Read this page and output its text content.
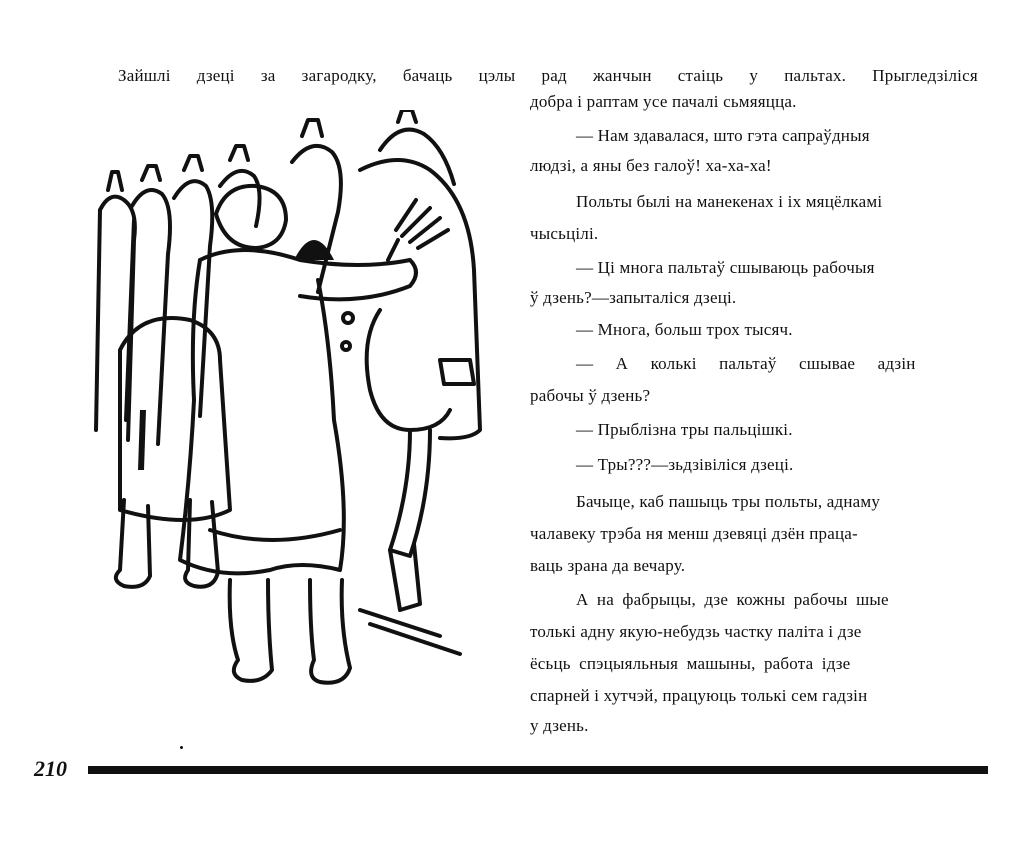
Зайшлі дзеці за загародку, бачаць цэлы рад жанчын стаіць у пальтах. Прыгледзіліся
добра і раптам усе пачалі сьмяяцца.
— Нам здавалася, што гэта сапраўдныя
людзі, а яны без галоў! ха-ха-ха!
Польты былі на манекенах і іх мяцёлкамі
чысьцілі.
— Ці многа пальтаў сшываюць рабочыя
ў дзень?—запыталіся дзеці.
— Многа, больш трох тысяч.
— А колькі пальтаў сшывае адзін
рабочы ў дзень?
— Прыблізна тры пальцішкі.
— Тры???—зьдзівіліся дзеці.
Бачыце, каб пашыць тры польты, аднаму
чалавеку трэба ня менш дзевяці дзён праца-
ваць зрана да вечару.
А на фабрыцы, дзе кожны рабочы шые
толькі адну якую-небудзь частку паліта і дзе
ёсьць спэцыяльныя машыны, работа ідзе
спарней і хутчэй, працуюць толькі сем гадзін
у дзень.
210
